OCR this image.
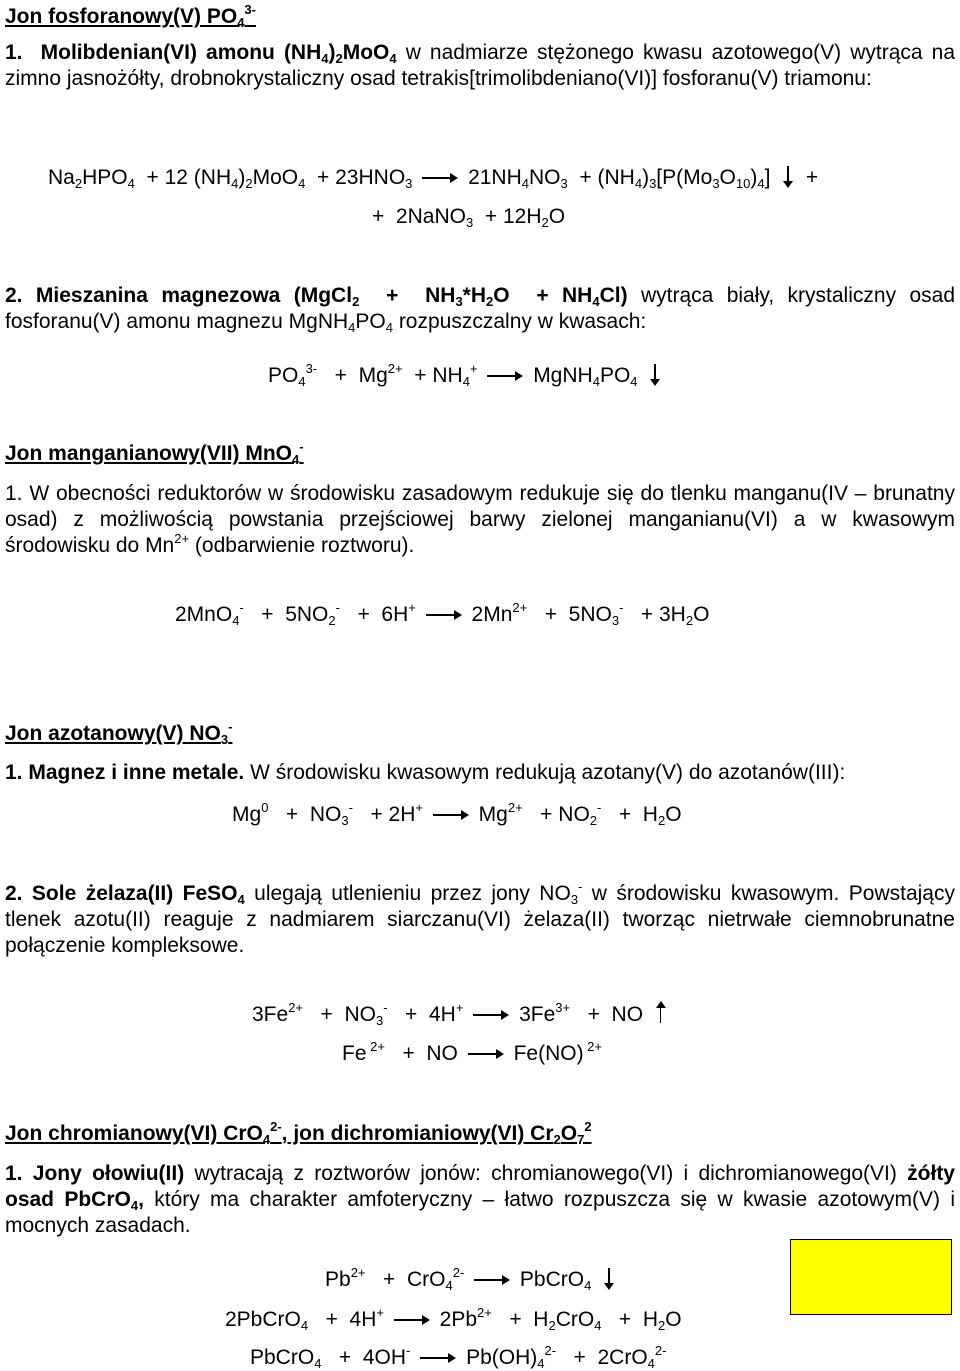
Jon fosforanowy(V) $PO_4^{3-}$
1. Molibdenian(VI) amonu $(NH_4)_2MoO_4$ w nadmiarze stężonego kwasu azotowego(V) wytrąca na zimno jasnożółty, drobnokrystaliczny osad tetrakis[trimolibdeniano(VI)] fosforanu(V) triamonu:
$Na_2HPO_4 + 12$ $(NH_4)_2MoO_4 + 23HNO_3$  $21NH_4NO_3 + (NH_4)_3[P(Mo_3O_{10})_4]$   +
+  2NaNO$_3$  + $12H_2O$
2. Mieszanina magnezowa (MgCl$_2$  +  $NH_3*H_2O + NH_4Cl$) wytrąca biały, krystaliczny osad fosforanu(V) amonu magnezu $MgNH_4PO_4$ rozpuszczalny w kwasach:
$PO_4^{3-} + Mg^{2+} + NH_4^+$  $MgNH_4PO_4$
Jon manganianowy(VII) MnO$_4$-
1. W obecności reduktorów w środowisku zasadowym redukuje się do tlenku manganu(IV – brunatny osad) z możliwością powstania przejściowej barwy zielonej manganianu(VI) a w kwasowym środowisku do $Mn^{2+}$ (odbarwienie roztworu).
$2MnO_4^- + 5NO_2^- + 6H^+$  $2Mn^{2+} + 5NO_3^- + 3H_2O$
Jon azotanowy(V) $NO_3^-$
1. Magnez i inne metale. W środowisku kwasowym redukują azotany(V) do azotanów(III):
$Mg^0 + NO_3^- + 2H^+$  $Mg^{2+} + NO_2^- + H_2O$
2. Sole żelaza(II) FeSO$_4$ ulegają utlenieniu przez jony $NO_3^-$ w środowisku kwasowym. Powstający tlenek azotu(II) reaguje z nadmiarem siarczanu(VI) żelaza(II) tworząc nietrwałe ciemnobrunatne połączenie kompleksowe.
$3Fe^{2+} + NO_3^- + 4H^+$  $3Fe^{3+}$   +  NO
Fe $^{2+}$   +  NO  Fe(NO) $^{2+}$
Jon chromianowy(VI) CrO$_4^{2-}$, jon dichromianiowy(VI) $Cr_2O_7^2$
1. Jony ołowiu(II) wytracają z roztworów jonów: chromianowego(VI) i dichromianowego(VI) żółty osad PbCrO$_4$, który ma charakter amfoteryczny – łatwo rozpuszcza się w kwasie azotowym(V) i mocnych zasadach.
$Pb^{2+} + CrO_4^{2-}$  PbCrO$_4$
2PbCrO$_4$   +  4H+  $2Pb^{2+} + H_2CrO_4 + H_2O$
PbCrO$_4$   +  4OH-  $Pb(OH)_4^{2-} + 2CrO_4^{2-}$
